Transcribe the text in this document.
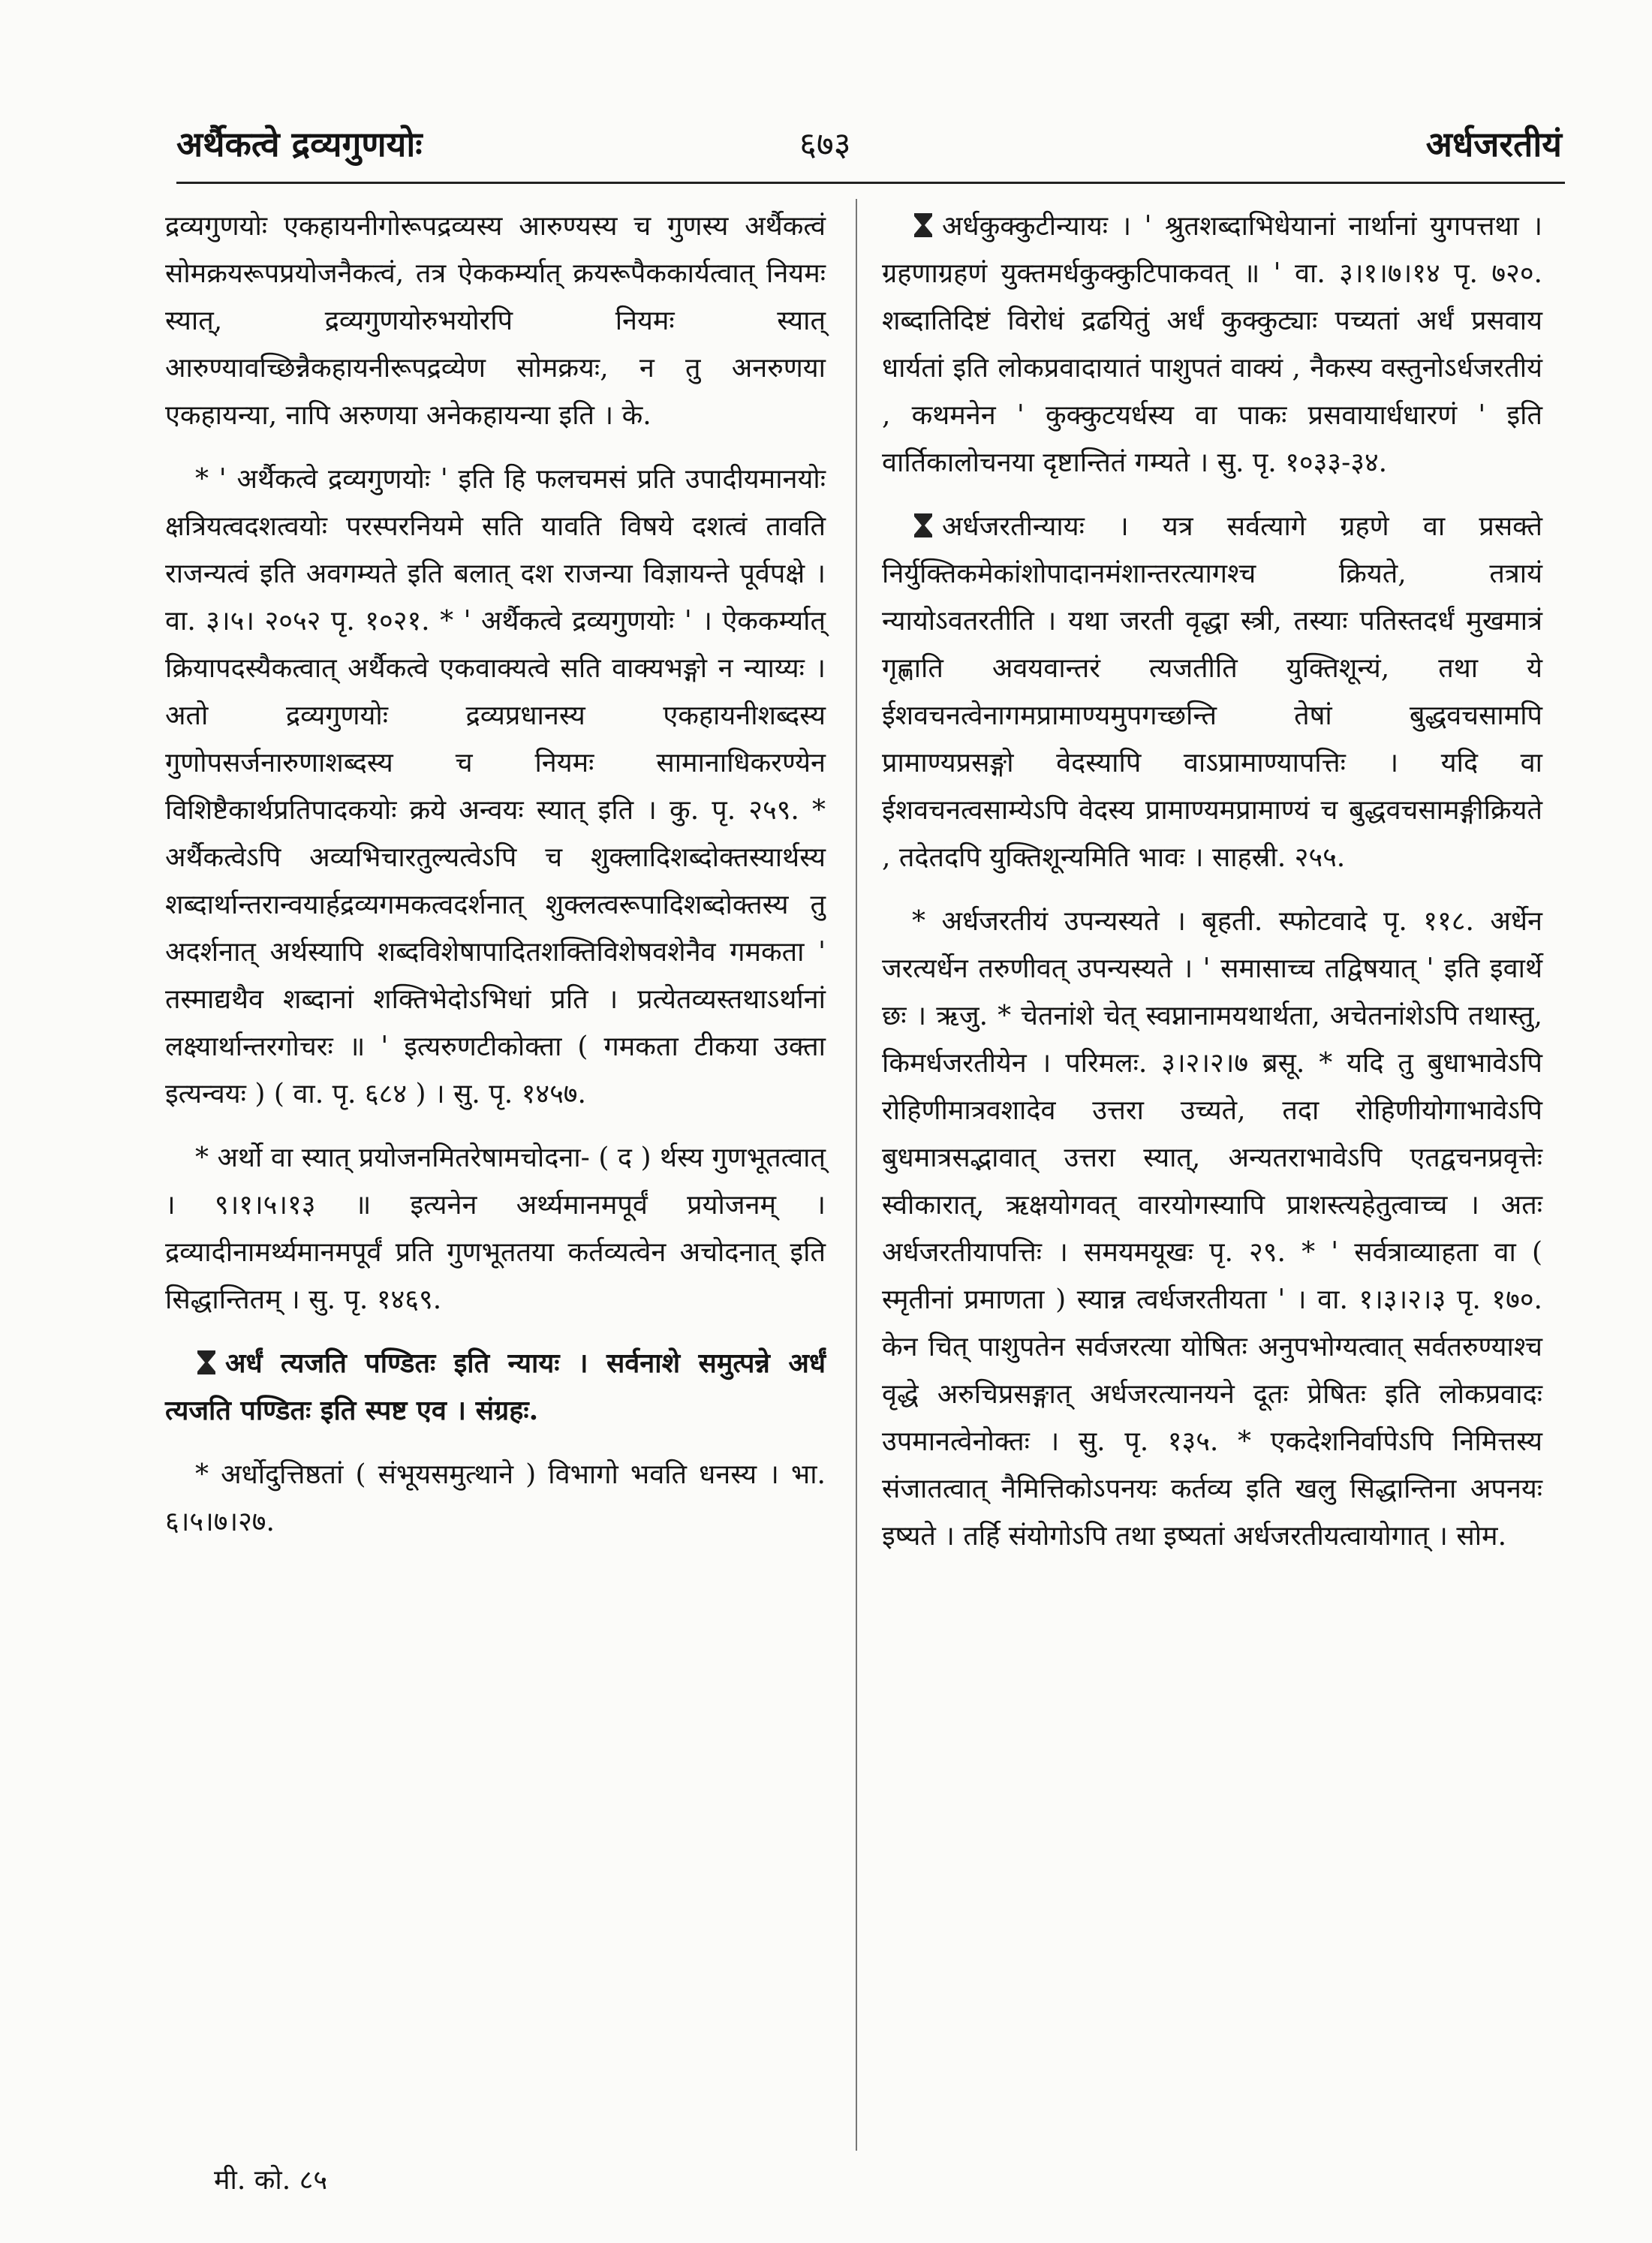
अर्थैकत्वे द्रव्यगुणयोः	६७३	अर्धजरतीयं

द्रव्यगुणयोः एकहायनीगोरूपद्रव्यस्य आरुण्यस्य च गुणस्य अर्थैकत्वं सोमक्रयरूपप्रयोजनैकत्वं, तत्र ऐककर्म्यात् क्रयरूपैककार्यत्वात् नियमः स्यात्, द्रव्यगुणयोरुभयोरपि नियमः स्यात् आरुण्यावच्छिन्नैकहायनीरूपद्रव्येण सोमक्रयः, न तु अनरुणया एकहायन्या, नापि अरुणया अनेकहायन्या इति । के.

* ' अर्थैकत्वे द्रव्यगुणयोः ' इति हि फलचमसं प्रति उपादीयमानयोः क्षत्रियत्वदशत्वयोः परस्परनियमे सति यावति विषये दशत्वं तावति राजन्यत्वं इति अवगम्यते इति बलात् दश राजन्या विज्ञायन्ते पूर्वपक्षे । वा. ३।५। २०५२ पृ. १०२१. * ' अर्थैकत्वे द्रव्यगुणयोः ' । ऐककर्म्यात् क्रियापदस्यैकत्वात् अर्थैकत्वे एकवाक्यत्वे सति वाक्यभङ्गो न न्याय्यः । अतो द्रव्यगुणयोः द्रव्यप्रधानस्य एकहायनीशब्दस्य गुणोपसर्जनारुणाशब्दस्य च नियमः सामानाधिकरण्येन विशिष्टैकार्थप्रतिपादकयोः क्रये अन्वयः स्यात् इति । कु. पृ. २५९. * अर्थैकत्वेऽपि अव्यभिचारतुल्यत्वेऽपि च शुक्लादिशब्दोक्तस्यार्थस्य शब्दार्थान्तरान्वयार्हद्रव्यगमकत्वदर्शनात् शुक्लत्वरूपादिशब्दोक्तस्य तु अदर्शनात् अर्थस्यापि शब्दविशेषापादितशक्तिविशेषवशेनैव गमकता ' तस्माद्यथैव शब्दानां शक्तिभेदोऽभिधां प्रति । प्रत्येतव्यस्तथाऽर्थानां लक्ष्यार्थान्तरगोचरः ॥ ' इत्यरुणटीकोक्ता ( गमकता टीकया उक्ता इत्यन्वयः ) ( वा. पृ. ६८४ ) । सु. पृ. १४५७.

* अर्थो वा स्यात् प्रयोजनमितरेषामचोदना- ( द ) र्थस्य गुणभूतत्वात् । ९।१।५।१३ ॥ इत्यनेन अर्थ्यमानमपूर्वं प्रयोजनम् । द्रव्यादीनामर्थ्यमानमपूर्वं प्रति गुणभूततया कर्तव्यत्वेन अचोदनात् इति सिद्धान्तितम् । सु. पृ. १४६९.

अर्धं त्यजति पण्डितः इति न्यायः । सर्वनाशे समुत्पन्ने अर्धं त्यजति पण्डितः इति स्पष्ट एव । संग्रहः.

* अर्धोदुत्तिष्ठतां ( संभूयसमुत्थाने ) विभागो भवति धनस्य । भा. ६।५।७।२७.

अर्धकुक्कुटीन्यायः । ' श्रुतशब्दाभिधेयानां नार्थानां युगपत्तथा । ग्रहणाग्रहणं युक्तमर्धकुक्कुटिपाकवत् ॥ ' वा. ३।१।७।१४ पृ. ७२०. शब्दातिदिष्टं विरोधं द्रढयितुं अर्धं कुक्कुट्याः पच्यतां अर्धं प्रसवाय धार्यतां इति लोकप्रवादायातं पाशुपतं वाक्यं , नैकस्य वस्तुनोऽर्धजरतीयं , कथमनेन ' कुक्कुटयर्धस्य वा पाकः प्रसवायार्धधारणं ' इति वार्तिकालोचनया दृष्टान्तितं गम्यते । सु. पृ. १०३३-३४.

अर्धजरतीन्यायः । यत्र सर्वत्यागे ग्रहणे वा प्रसक्ते निर्युक्तिकमेकांशोपादानमंशान्तरत्यागश्च क्रियते, तत्रायं न्यायोऽवतरतीति । यथा जरती वृद्धा स्त्री, तस्याः पतिस्तदर्धं मुखमात्रं गृह्णाति अवयवान्तरं त्यजतीति युक्तिशून्यं, तथा ये ईशवचनत्वेनागमप्रामाण्यमुपगच्छन्ति तेषां बुद्धवचसामपि प्रामाण्यप्रसङ्गो वेदस्यापि वाऽप्रामाण्यापत्तिः । यदि वा ईशवचनत्वसाम्येऽपि वेदस्य प्रामाण्यमप्रामाण्यं च बुद्धवचसामङ्गीक्रियते , तदेतदपि युक्तिशून्यमिति भावः । साहस्री. २५५.

* अर्धजरतीयं उपन्यस्यते । बृहती. स्फोटवादे पृ. ११८. अर्धेन जरत्यर्धेन तरुणीवत् उपन्यस्यते । ' समासाच्च तद्विषयात् ' इति इवार्थे छः । ऋजु. * चेतनांशे चेत् स्वप्नानामयथार्थता, अचेतनांशेऽपि तथास्तु, किमर्धजरतीयेन । परिमलः. ३।२।२।७ ब्रसू. * यदि तु बुधाभावेऽपि रोहिणीमात्रवशादेव उत्तरा उच्यते, तदा रोहिणीयोगाभावेऽपि बुधमात्रसद्भावात् उत्तरा स्यात्, अन्यतराभावेऽपि एतद्वचनप्रवृत्तेः स्वीकारात्, ऋक्षयोगवत् वारयोगस्यापि प्राशस्त्यहेतुत्वाच्च । अतः अर्धजरतीयापत्तिः । समयमयूखः पृ. २९. * ' सर्वत्राव्याहता वा ( स्मृतीनां प्रमाणता ) स्यान्न त्वर्धजरतीयता ' । वा. १।३।२।३ पृ. १७०. केन चित् पाशुपतेन सर्वजरत्या योषितः अनुपभोग्यत्वात् सर्वतरुण्याश्च वृद्धे अरुचिप्रसङ्गात् अर्धजरत्यानयने दूतः प्रेषितः इति लोकप्रवादः उपमानत्वेनोक्तः । सु. पृ. १३५. * एकदेशनिर्वापेऽपि निमित्तस्य संजातत्वात् नैमित्तिकोऽपनयः कर्तव्य इति खलु सिद्धान्तिना अपनयः इष्यते । तर्हि संयोगोऽपि तथा इष्यतां अर्धजरतीयत्वायोगात् । सोम.

मी. को. ८५
